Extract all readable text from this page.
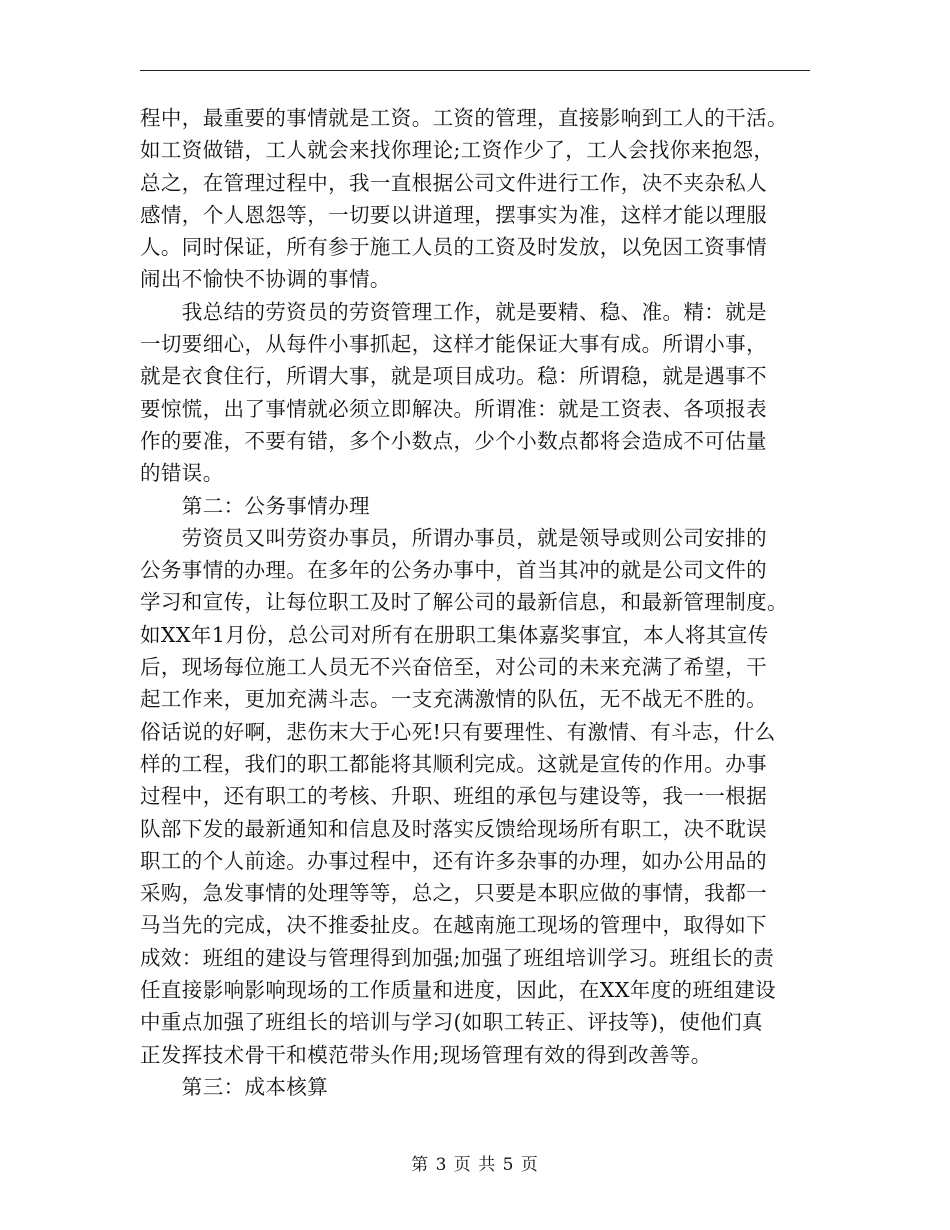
程中，最重要的事情就是工资。工资的管理，直接影响到工人的干活。
如工资做错，工人就会来找你理论;工资作少了，工人会找你来抱怨，
总之，在管理过程中，我一直根据公司文件进行工作，决不夹杂私人
感情，个人恩怨等，一切要以讲道理，摆事实为准，这样才能以理服
人。同时保证，所有参于施工人员的工资及时发放，以免因工资事情
闹出不愉快不协调的事情。
　　我总结的劳资员的劳资管理工作，就是要精、稳、准。精：就是
一切要细心，从每件小事抓起，这样才能保证大事有成。所谓小事，
就是衣食住行，所谓大事，就是项目成功。稳：所谓稳，就是遇事不
要惊慌，出了事情就必须立即解决。所谓准：就是工资表、各项报表
作的要准，不要有错，多个小数点，少个小数点都将会造成不可估量
的错误。
　　第二：公务事情办理
　　劳资员又叫劳资办事员，所谓办事员，就是领导或则公司安排的
公务事情的办理。在多年的公务办事中，首当其冲的就是公司文件的
学习和宣传，让每位职工及时了解公司的最新信息，和最新管理制度。
如XX年1月份，总公司对所有在册职工集体嘉奖事宜，本人将其宣传
后，现场每位施工人员无不兴奋倍至，对公司的未来充满了希望，干
起工作来，更加充满斗志。一支充满激情的队伍，无不战无不胜的。
俗话说的好啊，悲伤末大于心死!只有要理性、有激情、有斗志，什么
样的工程，我们的职工都能将其顺利完成。这就是宣传的作用。办事
过程中，还有职工的考核、升职、班组的承包与建设等，我一一根据
队部下发的最新通知和信息及时落实反馈给现场所有职工，决不耽误
职工的个人前途。办事过程中，还有许多杂事的办理，如办公用品的
采购，急发事情的处理等等，总之，只要是本职应做的事情，我都一
马当先的完成，决不推委扯皮。在越南施工现场的管理中，取得如下
成效：班组的建设与管理得到加强;加强了班组培训学习。班组长的责
任直接影响影响现场的工作质量和进度，因此，在XX年度的班组建设
中重点加强了班组长的培训与学习(如职工转正、评技等)，使他们真
正发挥技术骨干和模范带头作用;现场管理有效的得到改善等。
　　第三：成本核算
第 3 页 共 5 页
